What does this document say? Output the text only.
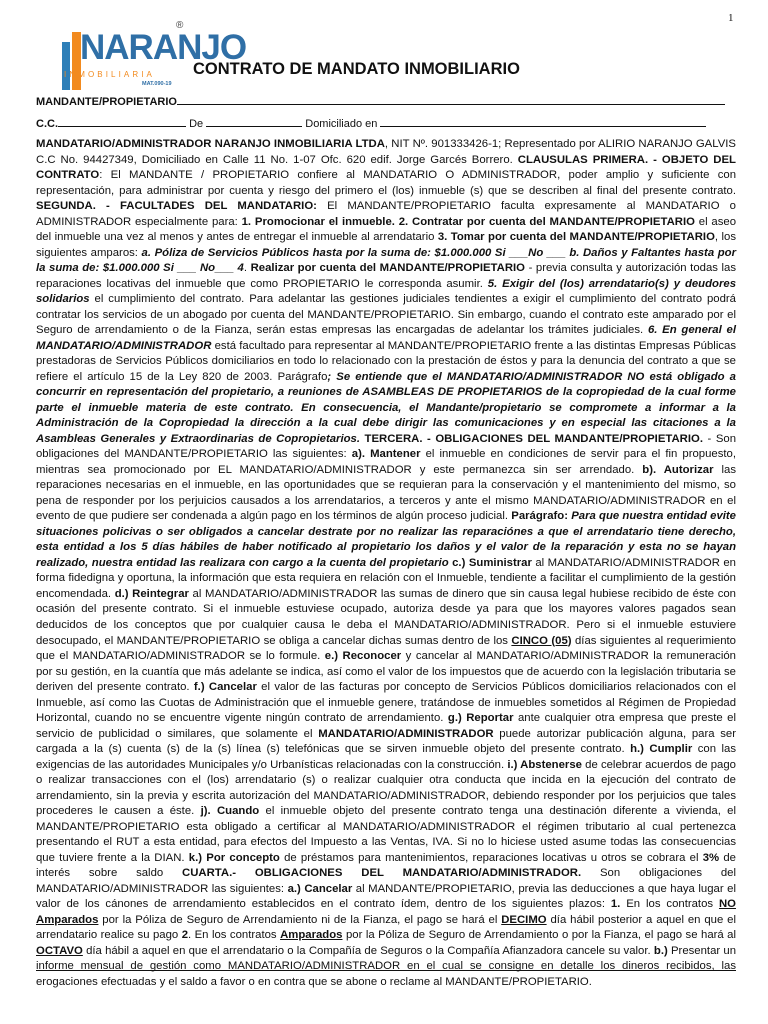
1
NARANJO
®
INMOBILIARIA
MAT.090-19
CONTRATO DE MANDATO INMOBILIARIO
MANDANTE/PROPIETARIO
C.C.	De	Domiciliado en

MANDATARIO/ADMINISTRADOR NARANJO INMOBILIARIA LTDA, NIT Nº. 901333426-1; Representado por ALIRIO NARANJO GALVIS C.C No. 94427349, Domiciliado en Calle 11 No. 1-07 Ofc. 620 edif. Jorge Garcés Borrero. CLAUSULAS PRIMERA. - OBJETO DEL CONTRATO: El MANDANTE / PROPIETARIO confiere al MANDATARIO O ADMINISTRADOR, poder amplio y suficiente con representación, para administrar por cuenta y riesgo del primero el (los) inmueble (s) que se describen al final del presente contrato. SEGUNDA. - FACULTADES DEL MANDATARIO: El MANDANTE/PROPIETARIO faculta expresamente al MANDATARIO o ADMINISTRADOR especialmente para: 1. Promocionar el inmueble. 2. Contratar por cuenta del MANDANTE/PROPIETARIO el aseo del inmueble una vez al menos y antes de entregar el inmueble al arrendatario 3. Tomar por cuenta del MANDANTE/PROPIETARIO, los siguientes amparos: a. Póliza de Servicios Públicos hasta por la suma de: $1.000.000 Si ___No ___ b. Daños y Faltantes hasta por la suma de: $1.000.000 Si ___ No___ 4. Realizar por cuenta del MANDANTE/PROPIETARIO - previa consulta y autorización todas las reparaciones locativas del inmueble que como PROPIETARIO le corresponda asumir. 5. Exigir del (los) arrendatario(s) y deudores solidarios el cumplimiento del contrato. Para adelantar las gestiones judiciales tendientes a exigir el cumplimiento del contrato podrá contratar los servicios de un abogado por cuenta del MANDANTE/PROPIETARIO. Sin embargo, cuando el contrato este amparado por el Seguro de arrendamiento o de la Fianza, serán estas empresas las encargadas de adelantar los trámites judiciales. 6. En general el MANDATARIO/ADMINISTRADOR está facultado para representar al MANDANTE/PROPIETARIO frente a las distintas Empresas Públicas prestadoras de Servicios Públicos domiciliarios en todo lo relacionado con la prestación de éstos y para la denuncia del contrato a que se refiere el artículo 15 de la Ley 820 de 2003. Parágrafo; Se entiende que el MANDATARIO/ADMINISTRADOR NO está obligado a concurrir en representación del propietario, a reuniones de ASAMBLEAS DE PROPIETARIOS de la copropiedad de la cual forme parte el inmueble materia de este contrato. En consecuencia, el Mandante/propietario se compromete a informar a la Administración de la Copropiedad la dirección a la cual debe dirigir las comunicaciones y en especial las citaciones a la Asambleas Generales y Extraordinarias de Copropietarios. TERCERA. - OBLIGACIONES DEL MANDANTE/PROPIETARIO. - Son obligaciones del MANDANTE/PROPIETARIO las siguientes: a). Mantener el inmueble en condiciones de servir para el fin propuesto, mientras sea promocionado por EL MANDATARIO/ADMINISTRADOR y este permanezca sin ser arrendado. b). Autorizar las reparaciones necesarias en el inmueble, en las oportunidades que se requieran para la conservación y el mantenimiento del mismo, so pena de responder por los perjuicios causados a los arrendatarios, a terceros y ante el mismo MANDATARIO/ADMINISTRADOR en el evento de que pudiere ser condenada a algún pago en los términos de algún proceso judicial. Parágrafo: Para que nuestra entidad evite situaciones policivas o ser obligados a cancelar destrate por no realizar las reparaciónes a que el arrendatario tiene derecho, esta entidad a los 5 días hábiles de haber notificado al propietario los daños y el valor de la reparación y esta no se hayan realizado, nuestra entidad las realizara con cargo a la cuenta del propietario c.) Suministrar al MANDATARIO/ADMINISTRADOR en forma fidedigna y oportuna, la información que esta requiera en relación con el Inmueble, tendiente a facilitar el cumplimiento de la gestión encomendada. d.) Reintegrar al MANDATARIO/ADMINISTRADOR las sumas de dinero que sin causa legal hubiese recibido de éste con ocasión del presente contrato. Si el inmueble estuviese ocupado, autoriza desde ya para que los mayores valores pagados sean deducidos de los conceptos que por cualquier causa le deba el MANDATARIO/ADMINISTRADOR. Pero si el inmueble estuviere desocupado, el MANDANTE/PROPIETARIO se obliga a cancelar dichas sumas dentro de los CINCO (05) días siguientes al requerimiento que el MANDATARIO/ADMINISTRADOR se lo formule. e.) Reconocer y cancelar al MANDATARIO/ADMINISTRADOR la remuneración por su gestión, en la cuantía que más adelante se indica, así como el valor de los impuestos que de acuerdo con la legislación tributaria se deriven del presente contrato. f.) Cancelar el valor de las facturas por concepto de Servicios Públicos domiciliarios relacionados con el Inmueble, así como las Cuotas de Administración que el inmueble genere, tratándose de inmuebles sometidos al Régimen de Propiedad Horizontal, cuando no se encuentre vigente ningún contrato de arrendamiento. g.) Reportar ante cualquier otra empresa que preste el servicio de publicidad o similares, que solamente el MANDATARIO/ADMINISTRADOR puede autorizar publicación alguna, para ser cargada a la (s) cuenta (s) de la (s) línea (s) telefónicas que se sirven inmueble objeto del presente contrato. h.) Cumplir con las exigencias de las autoridades Municipales y/o Urbanísticas relacionadas con la construcción. i.) Abstenerse de celebrar acuerdos de pago o realizar transacciones con el (los) arrendatario (s) o realizar cualquier otra conducta que incida en la ejecución del contrato de arrendamiento, sin la previa y escrita autorización del MANDATARIO/ADMINISTRADOR, debiendo responder por los perjuicios que tales procederes le causen a éste. j). Cuando el inmueble objeto del presente contrato tenga una destinación diferente a vivienda, el MANDANTE/PROPIETARIO esta obligado a certificar al MANDATARIO/ADMINISTRADOR el régimen tributario al cual pertenezca presentando el RUT a esta entidad, para efectos del Impuesto a las Ventas, IVA. Si no lo hiciese usted asume todas las consecuencias que tuviere frente a la DIAN. k.) Por concepto de préstamos para mantenimientos, reparaciones locativas u otros se cobrara el 3% de interés sobre saldo CUARTA.- OBLIGACIONES DEL MANDATARIO/ADMINISTRADOR. Son obligaciones del MANDATARIO/ADMINISTRADOR las siguientes: a.) Cancelar al MANDANTE/PROPIETARIO, previa las deducciones a que haya lugar el valor de los cánones de arrendamiento establecidos en el contrato ídem, dentro de los siguientes plazos: 1. En los contratos NO Amparados por la Póliza de Seguro de Arrendamiento ni de la Fianza, el pago se hará el DECIMO día hábil posterior a aquel en que el arrendatario realice su pago 2. En los contratos Amparados por la Póliza de Seguro de Arrendamiento o por la Fianza, el pago se hará al OCTAVO día hábil a aquel en que el arrendatario o la Compañía de Seguros o la Compañía Afianzadora cancele su valor. b.) Presentar un informe mensual de gestión como MANDATARIO/ADMINISTRADOR en el cual se consigne en detalle los dineros recibidos, las erogaciones efectuadas y el saldo a favor o en contra que se abone o reclame al MANDANTE/PROPIETARIO.
